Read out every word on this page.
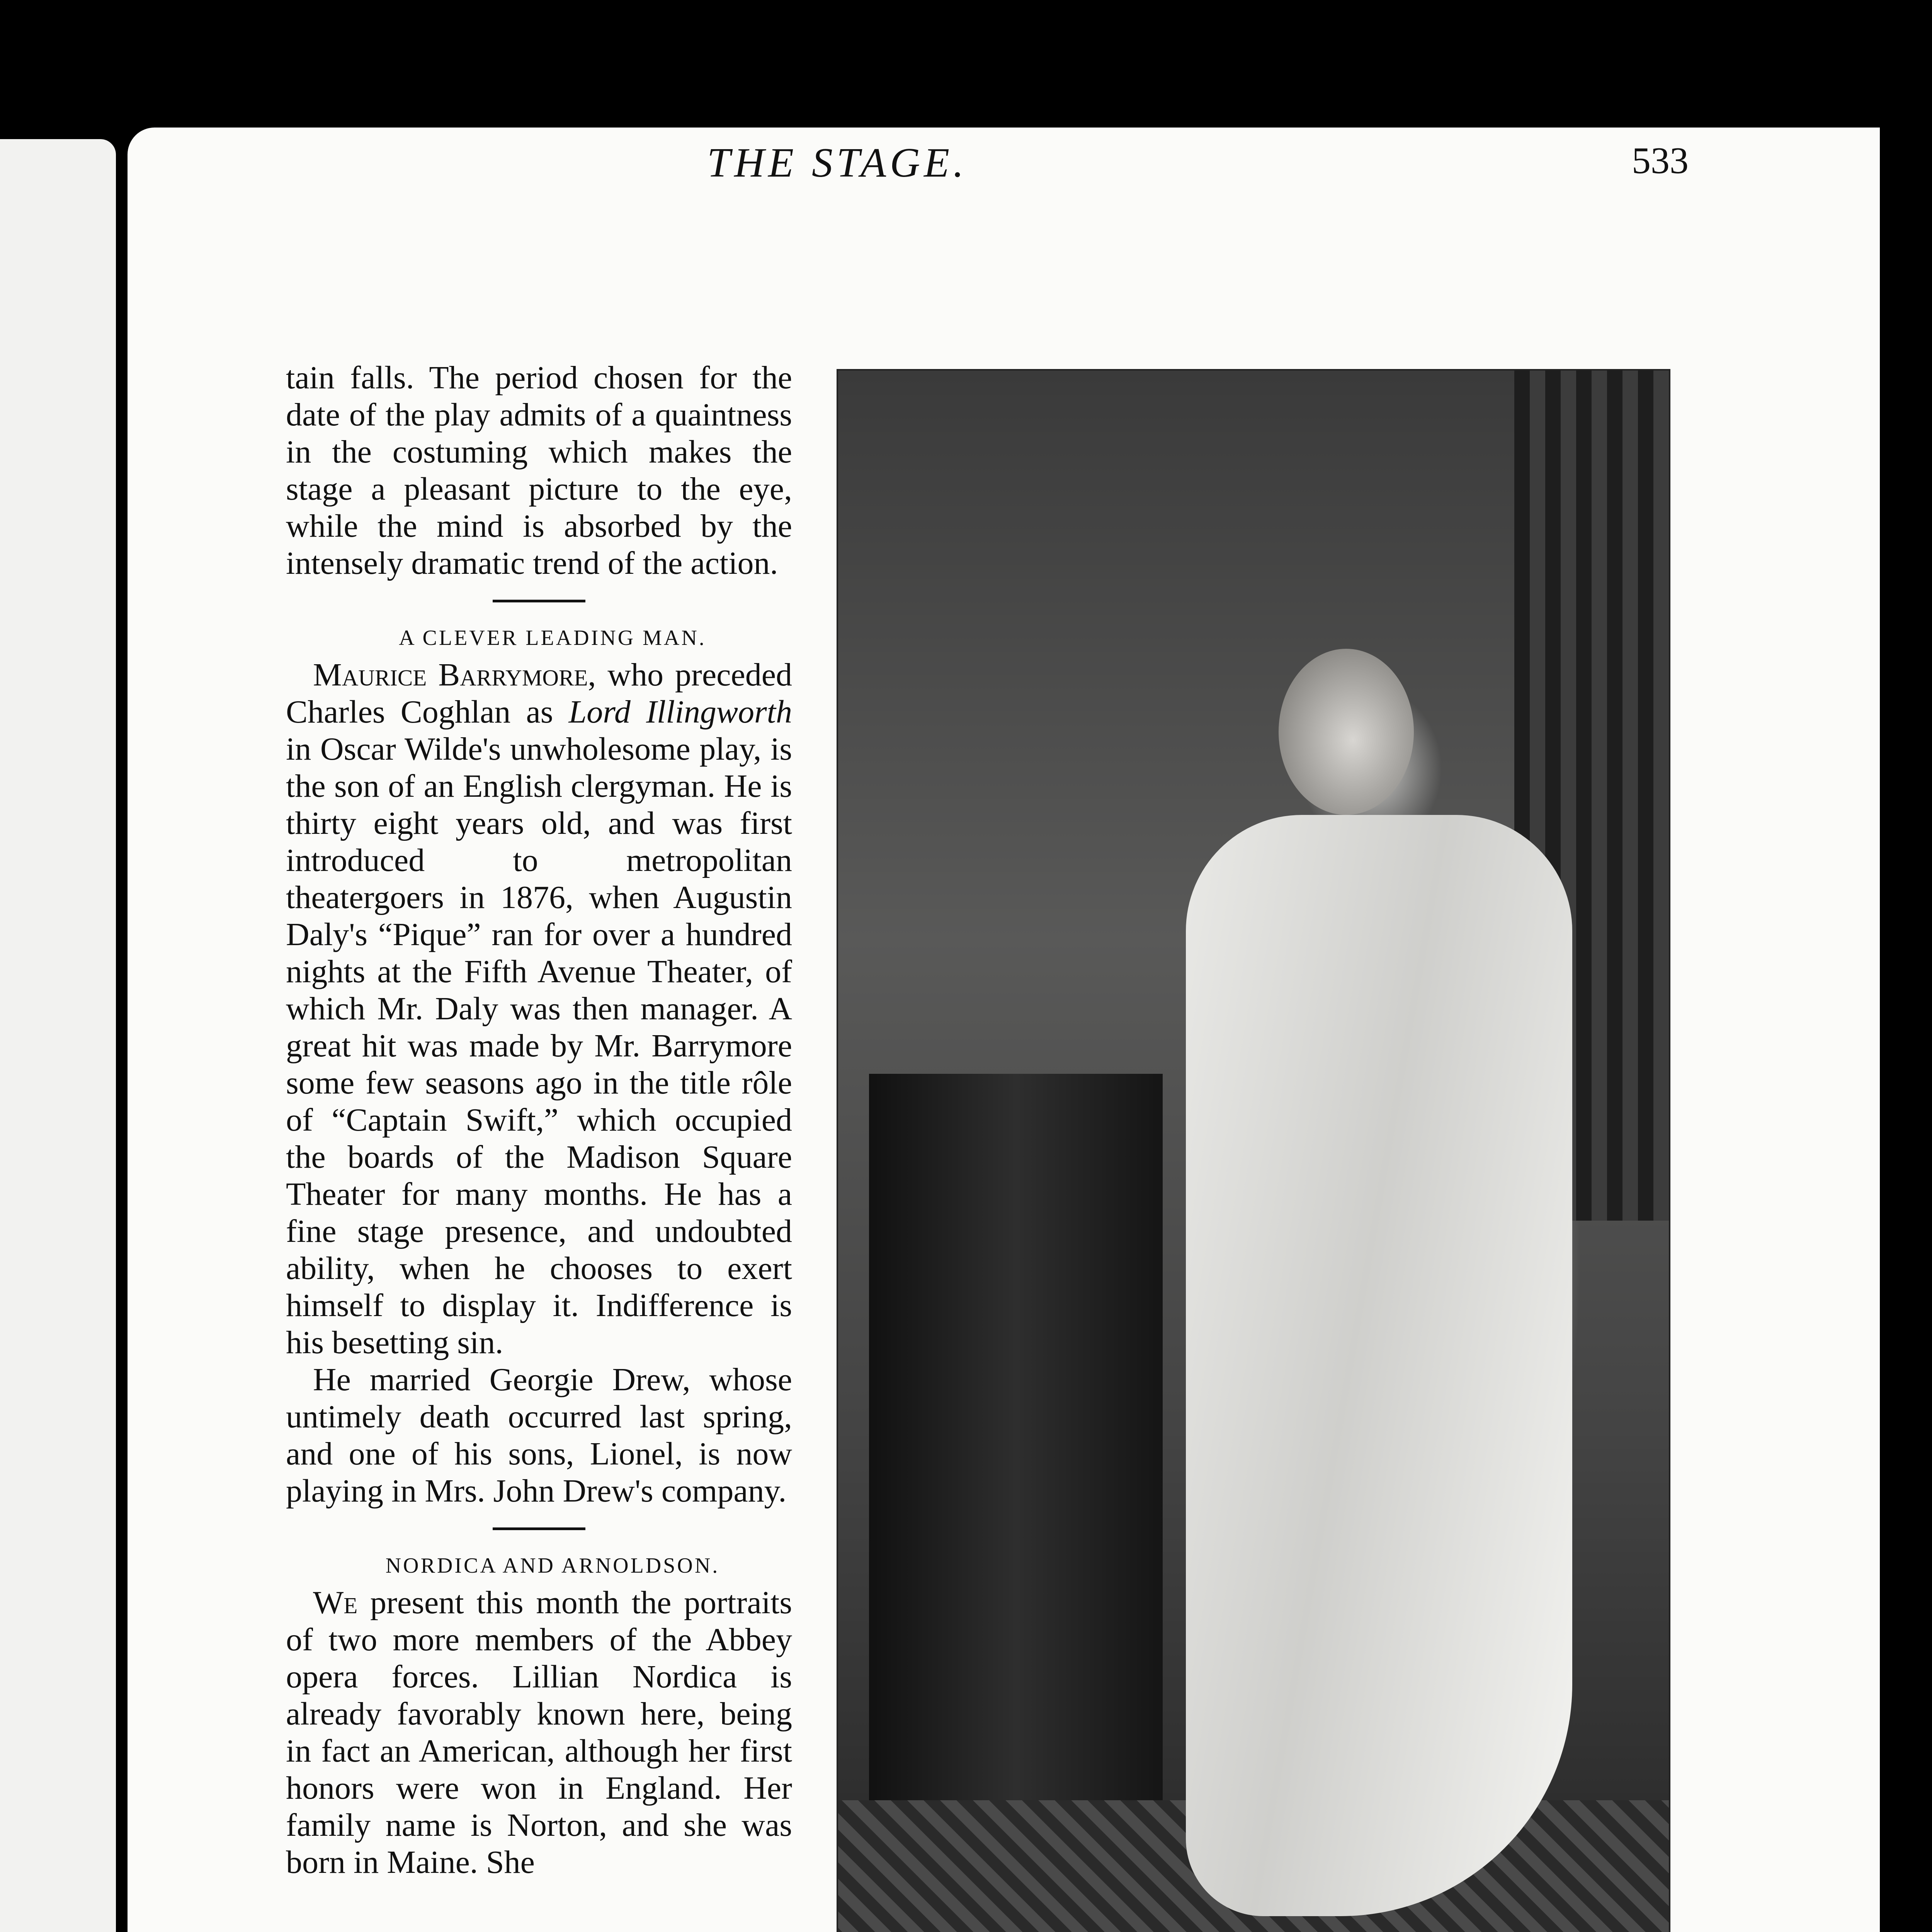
THE STAGE.	533

tain falls. The period chosen for the date of the play admits of a quaintness in the costuming which makes the stage a pleasant picture to the eye, while the mind is absorbed by the intensely dramatic trend of the action.

A CLEVER LEADING MAN.

Maurice Barrymore, who preceded Charles Coghlan as Lord Illingworth in Oscar Wilde's unwholesome play, is the son of an English clergyman. He is thirty eight years old, and was first introduced to metropolitan theatergoers in 1876, when Augustin Daly's “Pique” ran for over a hundred nights at the Fifth Avenue Theater, of which Mr. Daly was then manager. A great hit was made by Mr. Barrymore some few seasons ago in the title rôle of “Captain Swift,” which occupied the boards of the Madison Square Theater for many months. He has a fine stage presence, and undoubted ability, when he chooses to exert himself to display it. Indifference is his besetting sin.

He married Georgie Drew, whose untimely death occurred last spring, and one of his sons, Lionel, is now playing in Mrs. John Drew's company.

NORDICA AND ARNOLDSON.

We present this month the portraits of two more members of the Abbey opera forces. Lillian Nordica is already favorably known here, being in fact an American, although her first honors were won in England. Her family name is Norton, and she was born in Maine. She
